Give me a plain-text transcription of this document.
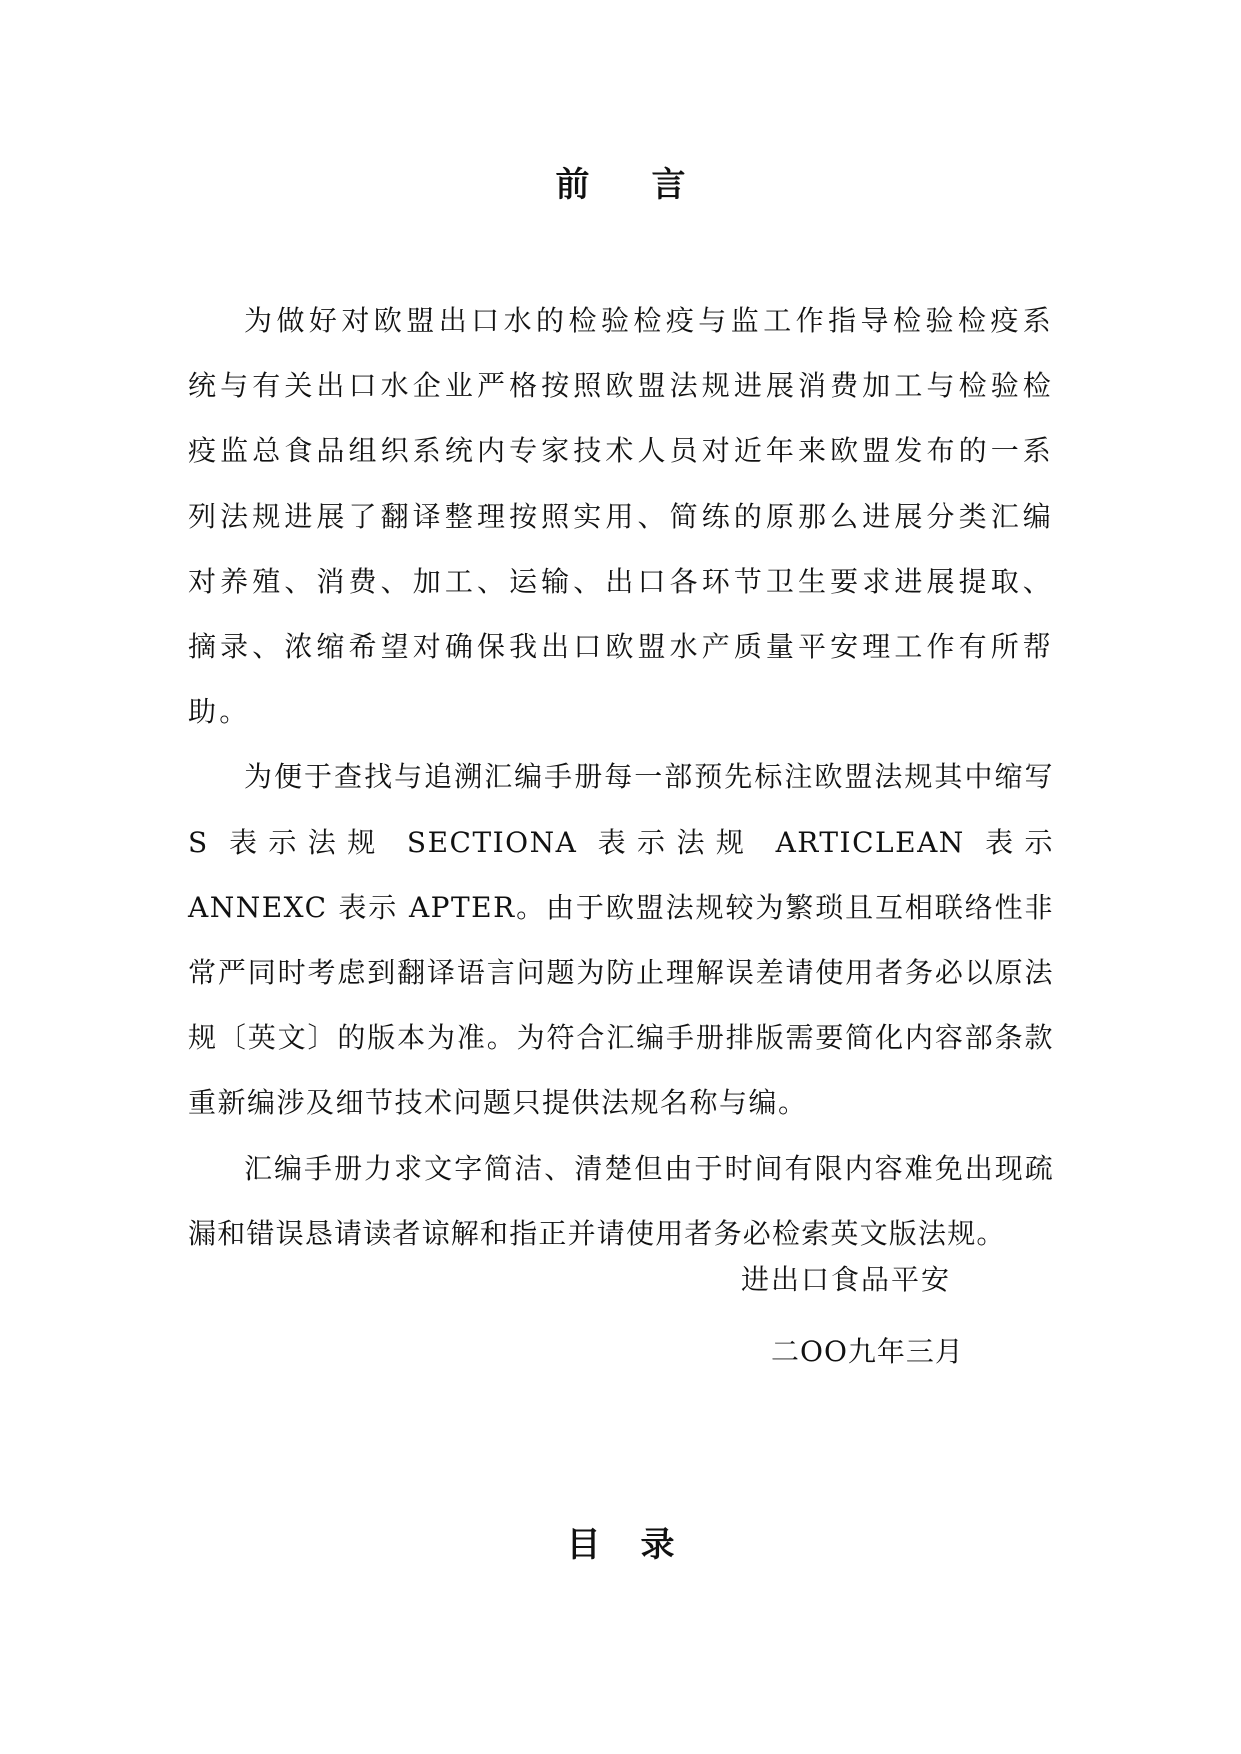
前 言

为做好对欧盟出口水的检验检疫与监工作指导检验检疫系统与有关出口水企业严格按照欧盟法规进展消费加工与检验检疫监总食品组织系统内专家技术人员对近年来欧盟发布的一系列法规进展了翻译整理按照实用、简练的原那么进展分类汇编对养殖、消费、加工、运输、出口各环节卫生要求进展提取、摘录、浓缩希望对确保我出口欧盟水产质量平安理工作有所帮助。

为便于查找与追溯汇编手册每一部预先标注欧盟法规其中缩写S 表示法规 SECTIONA 表示法规 ARTICLEAN 表示 ANNEXC 表示 APTER。由于欧盟法规较为繁琐且互相联络性非常严同时考虑到翻译语言问题为防止理解误差请使用者务必以原法规〔英文〕的版本为准。为符合汇编手册排版需要简化内容部条款重新编涉及细节技术问题只提供法规名称与编。

汇编手册力求文字简洁、清楚但由于时间有限内容难免出现疏漏和错误恳请读者谅解和指正并请使用者务必检索英文版法规。

进出口食品平安

二OO九年三月

目 录
